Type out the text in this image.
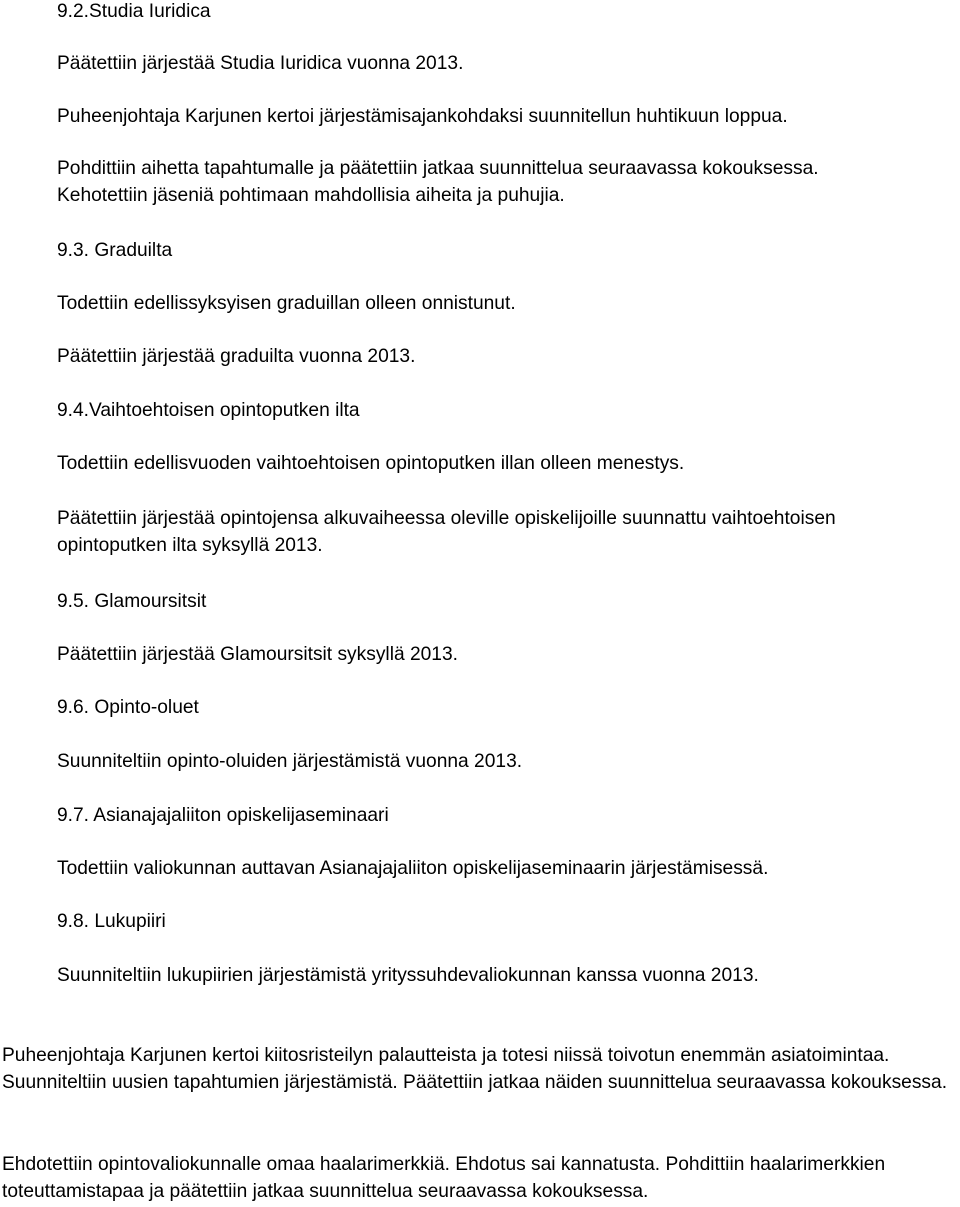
9.2.Studia Iuridica

Päätettiin järjestää Studia Iuridica vuonna 2013.

Puheenjohtaja Karjunen kertoi järjestämisajankohdaksi suunnitellun huhtikuun loppua.

Pohdittiin aihetta tapahtumalle ja päätettiin jatkaa suunnittelua seuraavassa kokouksessa. Kehotettiin jäseniä pohtimaan mahdollisia aiheita ja puhujia.

9.3. Graduilta

Todettiin edellissyksyisen graduillan olleen onnistunut.

Päätettiin järjestää graduilta vuonna 2013.

9.4.Vaihtoehtoisen opintoputken ilta

Todettiin edellisvuoden vaihtoehtoisen opintoputken illan olleen menestys.

Päätettiin järjestää opintojensa alkuvaiheessa oleville opiskelijoille suunnattu vaihtoehtoisen opintoputken ilta syksyllä 2013.

9.5. Glamoursitsit

Päätettiin järjestää Glamoursitsit syksyllä 2013.

9.6. Opinto-oluet

Suunniteltiin opinto-oluiden järjestämistä vuonna 2013.

9.7. Asianajajaliiton opiskelijaseminaari

Todettiin valiokunnan auttavan Asianajajaliiton opiskelijaseminaarin järjestämisessä.

9.8. Lukupiiri

Suunniteltiin lukupiirien järjestämistä yrityssuhdevaliokunnan kanssa vuonna 2013.

Puheenjohtaja Karjunen kertoi kiitosristeilyn palautteista ja totesi niissä toivotun enemmän asiatoimintaa. Suunniteltiin uusien tapahtumien järjestämistä. Päätettiin jatkaa näiden suunnittelua seuraavassa kokouksessa.

Ehdotettiin opintovaliokunnalle omaa haalarimerkkiä. Ehdotus sai kannatusta. Pohdittiin haalarimerkkien toteuttamistapaa ja päätettiin jatkaa suunnittelua seuraavassa kokouksessa.
